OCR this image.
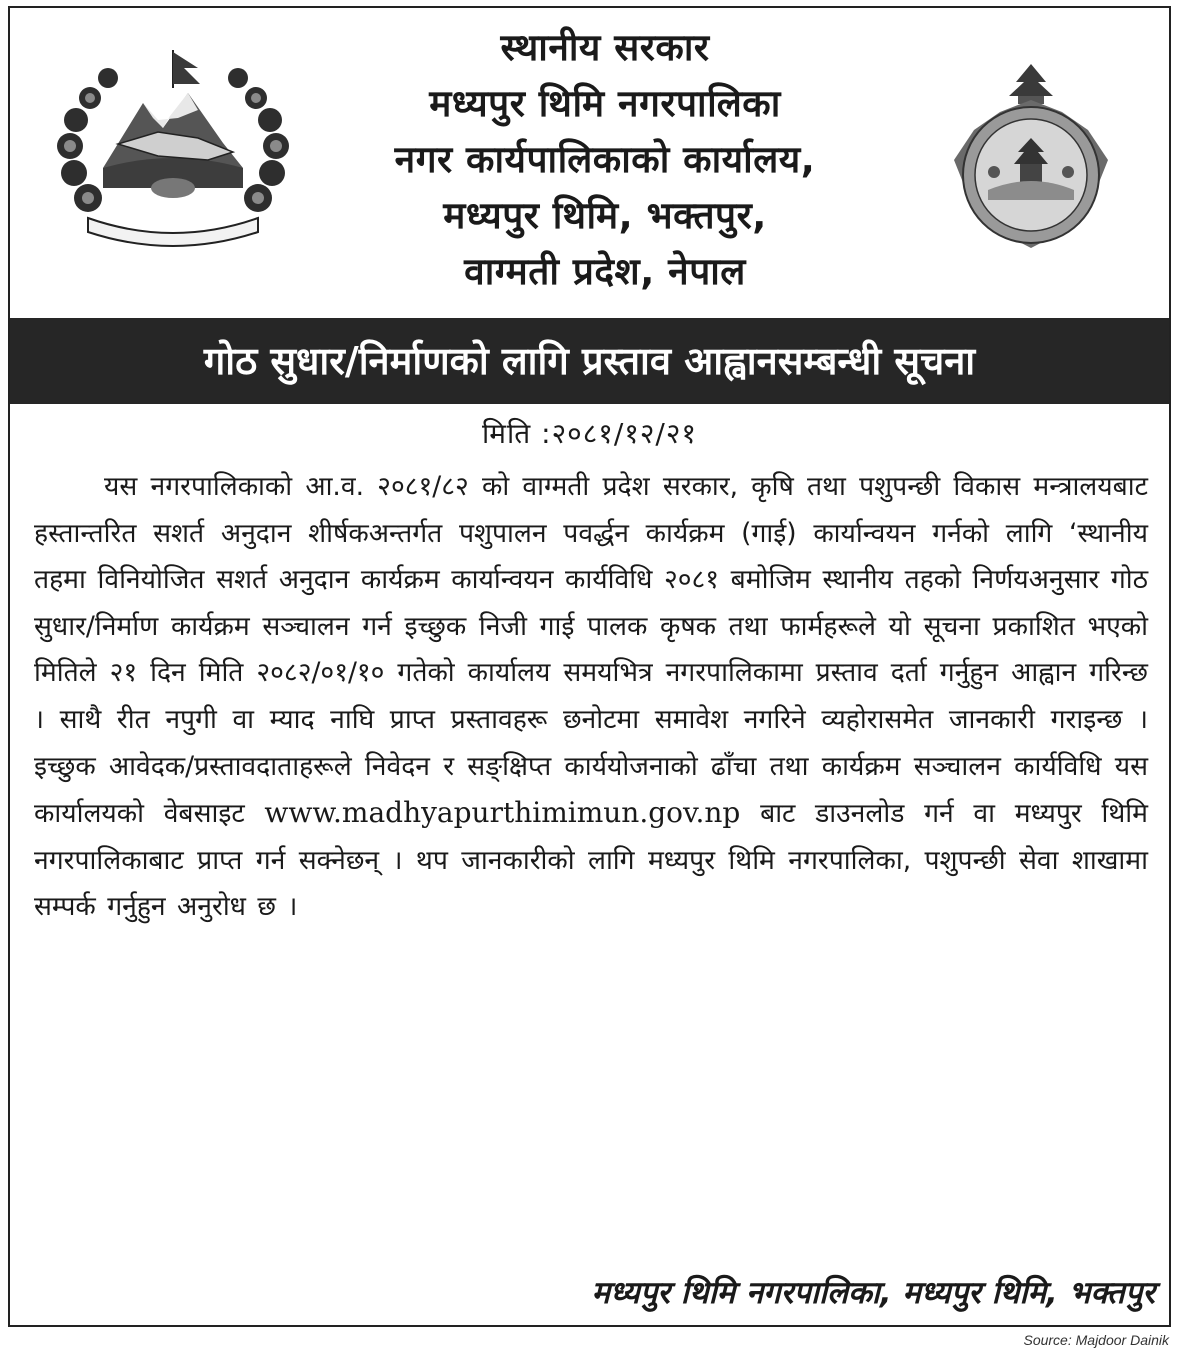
स्थानीय सरकार
मध्यपुर थिमि नगरपालिका
नगर कार्यपालिकाको कार्यालय,
मध्यपुर थिमि, भक्तपुर,
वाग्मती प्रदेश, नेपाल
गोठ सुधार/निर्माणको लागि प्रस्ताव आह्वानसम्बन्धी सूचना
मिति :२०८१/१२/२१
यस नगरपालिकाको आ.व. २०८१/८२ को वाग्मती प्रदेश सरकार, कृषि तथा पशुपन्छी विकास मन्त्रालयबाट हस्तान्तरित सशर्त अनुदान शीर्षकअन्तर्गत पशुपालन पवर्द्धन कार्यक्रम (गाई) कार्यान्वयन गर्नको लागि ‘स्थानीय तहमा विनियोजित सशर्त अनुदान कार्यक्रम कार्यान्वयन कार्यविधि २०८१ बमोजिम स्थानीय तहको निर्णयअनुसार गोठ सुधार/निर्माण कार्यक्रम सञ्चालन गर्न इच्छुक निजी गाई पालक कृषक तथा फार्महरूले यो सूचना प्रकाशित भएको मितिले २१ दिन मिति २०८२/०१/१० गतेको कार्यालय समयभित्र नगरपालिकामा प्रस्ताव दर्ता गर्नुहुन आह्वान गरिन्छ । साथै रीत नपुगी वा म्याद नाघि प्राप्त प्रस्तावहरू छनोटमा समावेश नगरिने व्यहोरासमेत जानकारी गराइन्छ । इच्छुक आवेदक/प्रस्तावदाताहरूले निवेदन र सङ्क्षिप्त कार्ययोजनाको ढाँचा तथा कार्यक्रम सञ्चालन कार्यविधि यस कार्यालयको वेबसाइट www.madhyapurthimimun.gov.np बाट डाउनलोड गर्न वा मध्यपुर थिमि नगरपालिकाबाट प्राप्त गर्न सक्नेछन् । थप जानकारीको लागि मध्यपुर थिमि नगरपालिका, पशुपन्छी सेवा शाखामा सम्पर्क गर्नुहुन अनुरोध छ ।
मध्यपुर थिमि नगरपालिका, मध्यपुर थिमि, भक्तपुर
Source: Majdoor Dainik
